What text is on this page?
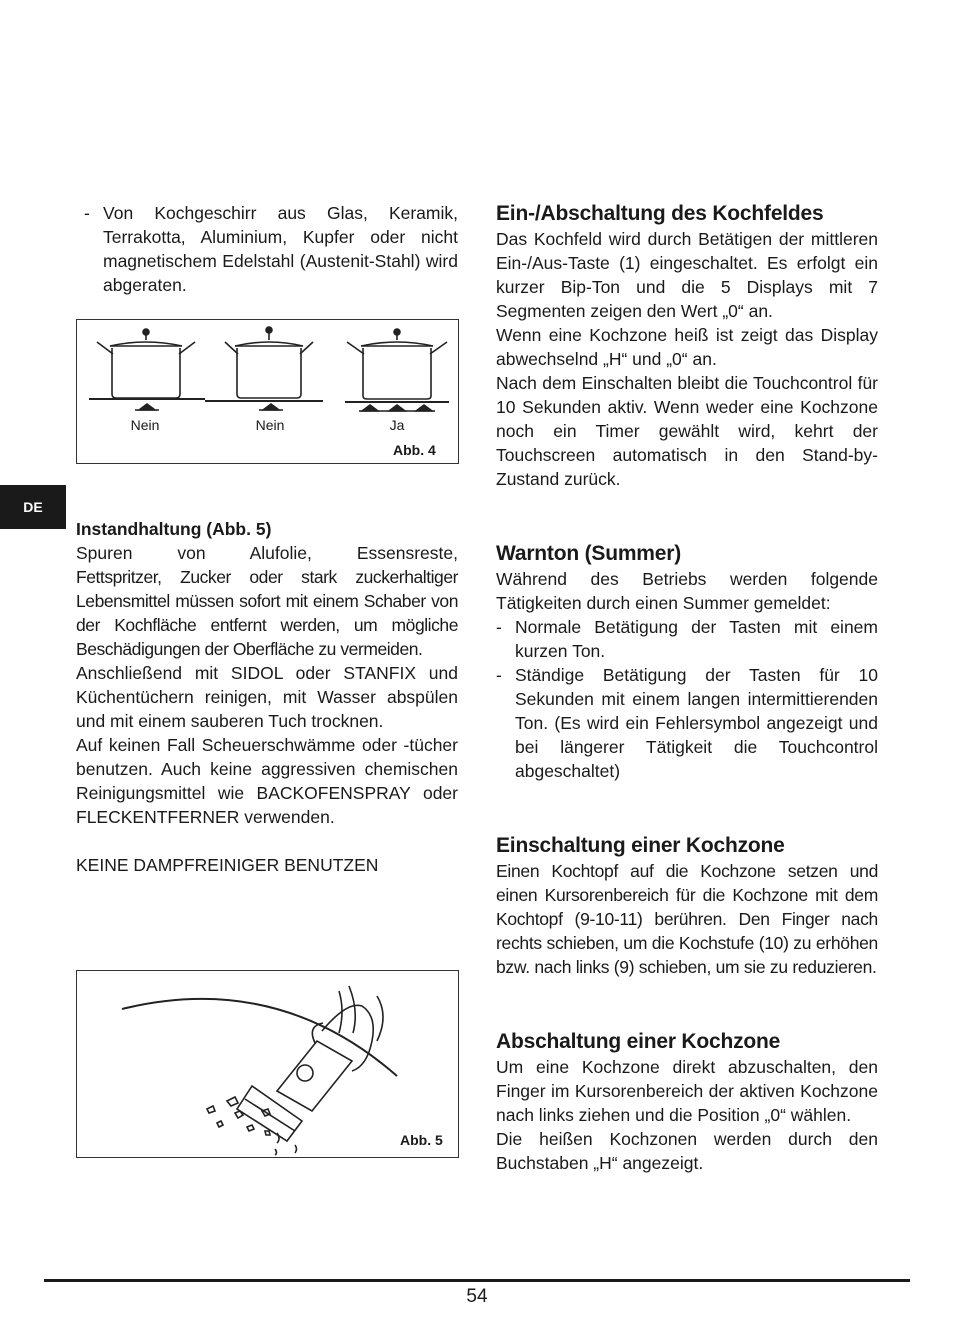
DE
- Von Kochgeschirr aus Glas, Keramik, Terrakotta, Aluminium, Kupfer oder nicht magnetischem Edelstahl (Austenit-Stahl) wird abgeraten.
Nein	Nein	Ja
Abb. 4
Instandhaltung (Abb. 5)
Spuren von Alufolie, Essensreste,
Fettspritzer, Zucker oder stark zuckerhaltiger Lebensmittel müssen sofort mit einem Schaber von der Kochfläche entfernt werden, um mögliche Beschädigungen der Oberfläche zu vermeiden.
Anschließend mit SIDOL oder STANFIX und Küchentüchern reinigen, mit Wasser abspülen und mit einem sauberen Tuch trocknen.
Auf keinen Fall Scheuerschwämme oder -tücher benutzen. Auch keine aggressiven chemischen Reinigungsmittel wie BACKOFENSPRAY oder FLECKENTFERNER verwenden.
KEINE DAMPFREINIGER BENUTZEN
Abb. 5
Ein-/Abschaltung des Kochfeldes
Das Kochfeld wird durch Betätigen der mittleren Ein-/Aus-Taste (1) eingeschaltet. Es erfolgt ein kurzer Bip-Ton und die 5 Displays mit 7 Segmenten zeigen den Wert „0“ an.
Wenn eine Kochzone heiß ist zeigt das Display abwechselnd „H“ und „0“ an.
Nach dem Einschalten bleibt die Touchcontrol für 10 Sekunden aktiv. Wenn weder eine Kochzone noch ein Timer gewählt wird, kehrt der Touchscreen automatisch in den Stand-by-Zustand zurück.
Warnton (Summer)
Während des Betriebs werden folgende Tätigkeiten durch einen Summer gemeldet:
- Normale Betätigung der Tasten mit einem kurzen Ton.
- Ständige Betätigung der Tasten für 10 Sekunden mit einem langen intermittierenden Ton. (Es wird ein Fehlersymbol angezeigt und bei längerer Tätigkeit die Touchcontrol abgeschaltet)
Einschaltung einer Kochzone
Einen Kochtopf auf die Kochzone setzen und einen Kursorenbereich für die Kochzone mit dem Kochtopf (9-10-11) berühren. Den Finger nach rechts schieben, um die Kochstufe (10) zu erhöhen bzw. nach links (9) schieben, um sie zu reduzieren.
Abschaltung einer Kochzone
Um eine Kochzone direkt abzuschalten, den Finger im Kursorenbereich der aktiven Kochzone nach links ziehen und die Position „0“ wählen.
Die heißen Kochzonen werden durch den Buchstaben „H“ angezeigt.
54
